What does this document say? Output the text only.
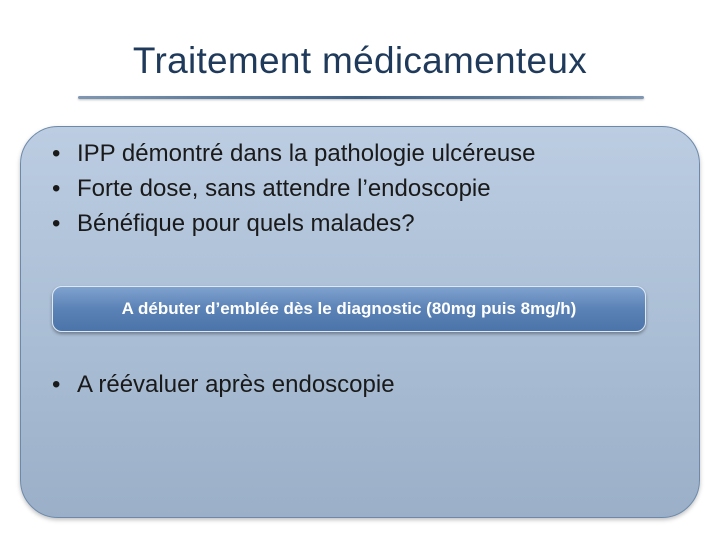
Traitement médicamenteux
• IPP démontré dans la pathologie ulcéreuse
• Forte dose, sans attendre l’endoscopie
• Bénéfique pour quels malades?
A débuter d’emblée dès le diagnostic (80mg puis 8mg/h)
• A réévaluer après endoscopie
